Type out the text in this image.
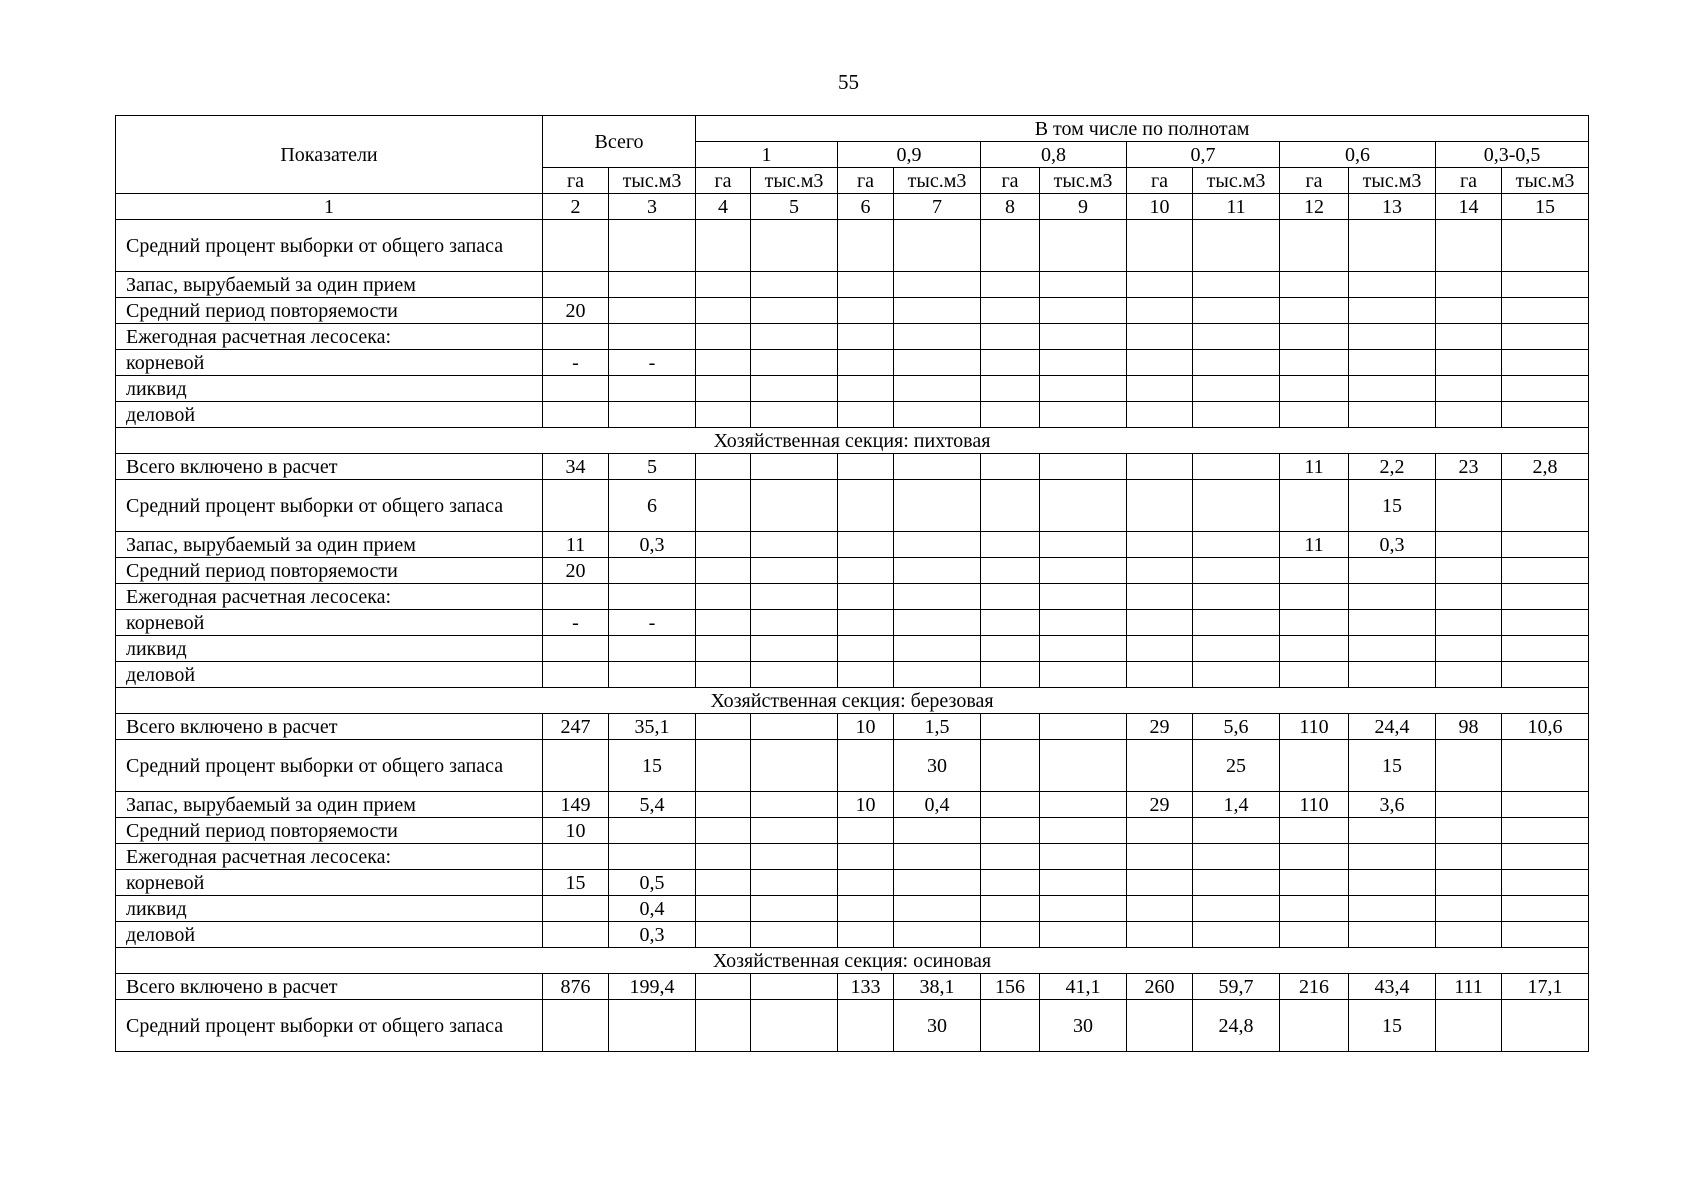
55
Показатели	Всего		В том числе по полнотам											
			1		0,9		0,8		0,7		0,6		0,3-0,5	
	га	тыс.м3	га	тыс.м3	га	тыс.м3	га	тыс.м3	га	тыс.м3	га	тыс.м3	га	тыс.м3
1	2	3	4	5	6	7	8	9	10	11	12	13	14	15
Средний процент выборки от общего запаса														
Запас, вырубаемый за один прием														
Средний период повторяемости	20													
Ежегодная расчетная лесосека:														
корневой	-	-												
ликвид														
деловой														
Хозяйственная секция: пихтовая														
Всего включено в расчет	34	5									11	2,2	23	2,8
Средний процент выборки от общего запаса		6										15		
Запас, вырубаемый за один прием	11	0,3									11	0,3		
Средний период повторяемости	20													
Ежегодная расчетная лесосека:														
корневой	-	-												
ликвид														
деловой														
Хозяйственная секция: березовая														
Всего включено в расчет	247	35,1			10	1,5			29	5,6	110	24,4	98	10,6
Средний процент выборки от общего запаса		15				30				25		15		
Запас, вырубаемый за один прием	149	5,4			10	0,4			29	1,4	110	3,6		
Средний период повторяемости	10													
Ежегодная расчетная лесосека:														
корневой	15	0,5												
ликвид		0,4												
деловой		0,3												
Хозяйственная секция: осиновая														
Всего включено в расчет	876	199,4			133	38,1	156	41,1	260	59,7	216	43,4	111	17,1
Средний процент выборки от общего запаса						30		30		24,8		15		
